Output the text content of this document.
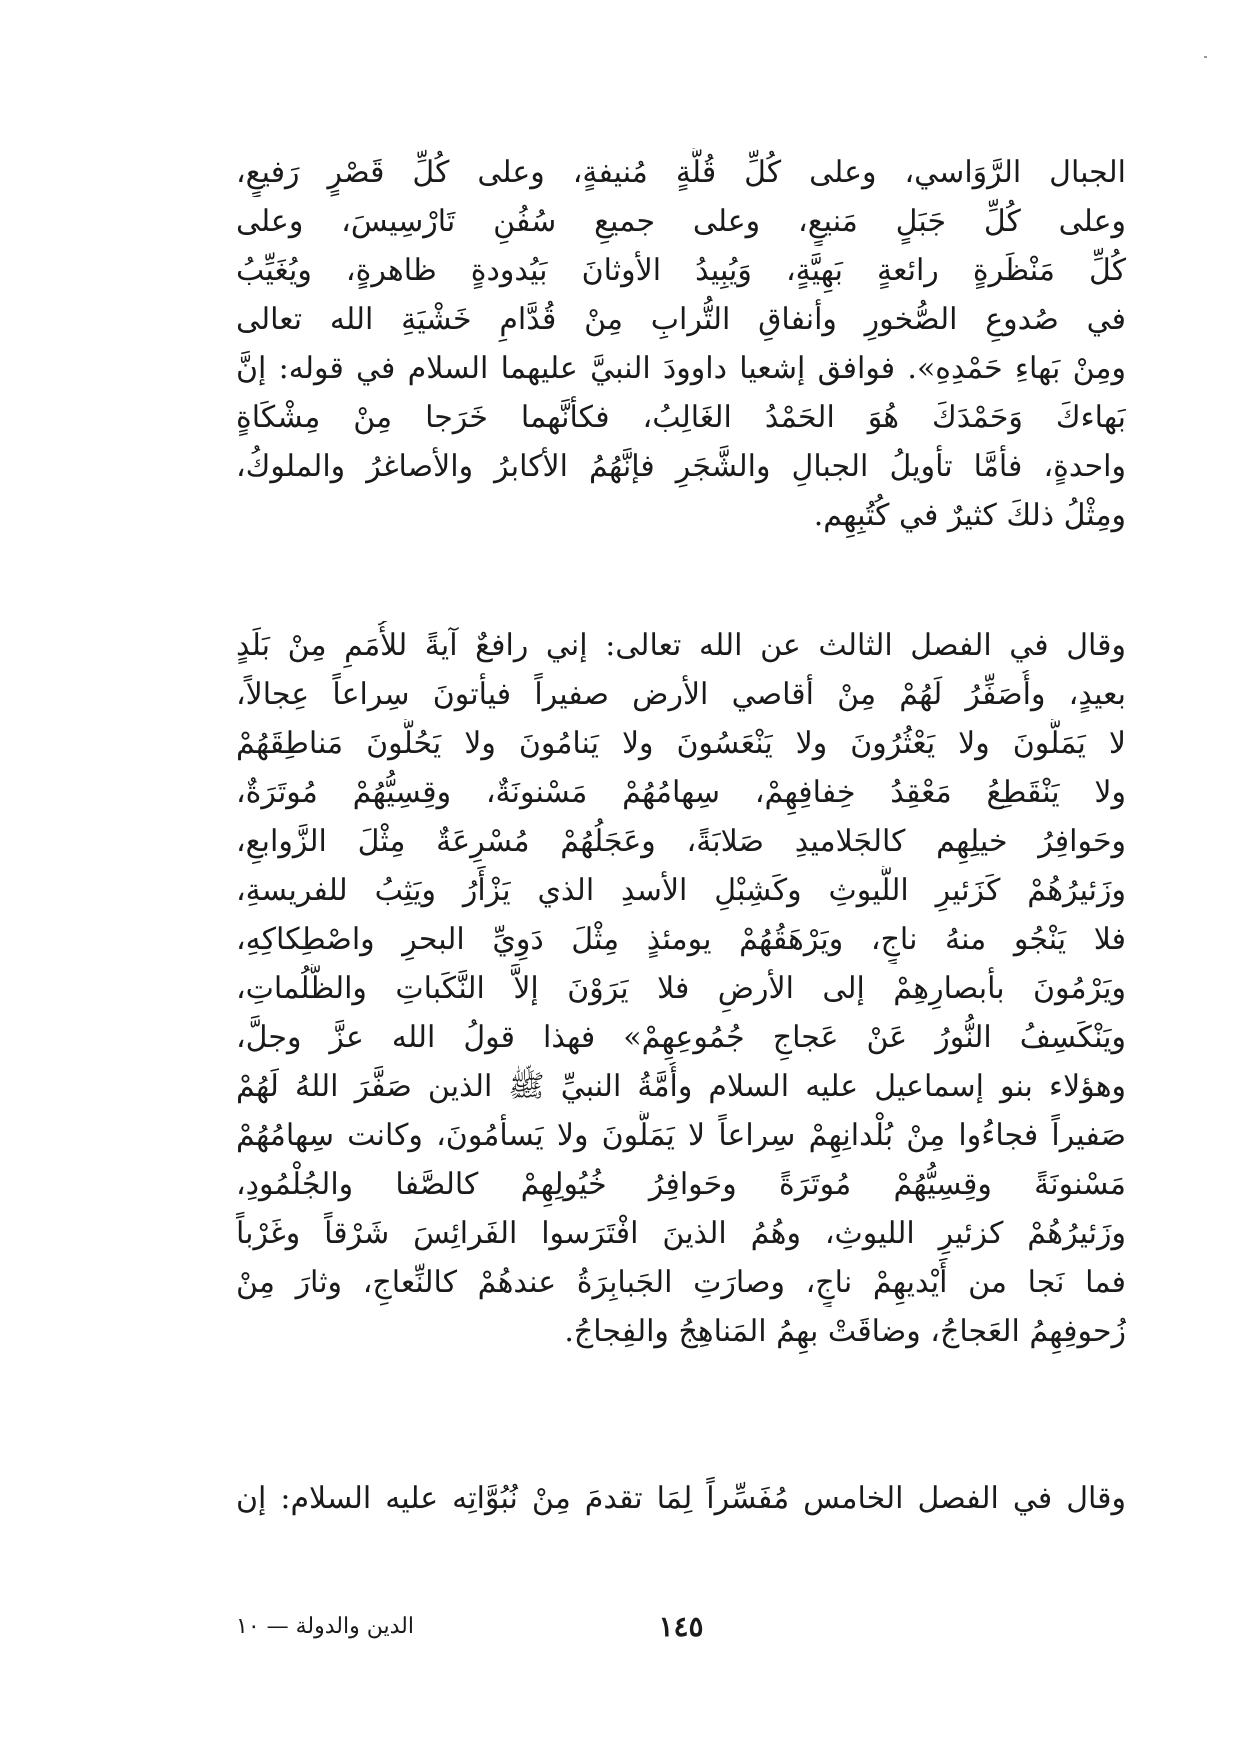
الجبال الرَّوَاسي، وعلى كُلِّ قُلَّةٍ مُنيفةٍ، وعلى كُلِّ قَصْرٍ رَفيعٍ،
وعلى كُلِّ جَبَلٍ مَنيعٍ، وعلى جميعِ سُفُنِ تَارْسِيسَ، وعلى
كُلِّ مَنْظَرةٍ رائعةٍ بَهِيَّةٍ، وَيُبِيدُ الأوثانَ بَيُدودةٍ ظاهرةٍ، ويُغَيِّبُ
في صُدوعِ الصُّخورِ وأنفاقِ التُّرابِ مِنْ قُدَّامِ خَشْيَةِ الله تعالى
ومِنْ بَهاءِ حَمْدِهِ». فوافق إشعيا داوودَ النبيَّ عليهما السلام في قوله: إنَّ
بَهاءكَ وَحَمْدَكَ هُوَ الحَمْدُ الغَالِبُ، فكأنَّهما خَرَجا مِنْ مِشْكَاةٍ
واحدةٍ، فأمَّا تأويلُ الجبالِ والشَّجَرِ فإنَّهُمُ الأكابرُ والأصاغرُ والملوكُ،
ومِثْلُ ذلكَ كثيرٌ في كُتُبِهِم.
وقال في الفصل الثالث عن الله تعالى: إني رافعٌ آيةً للأُمَمِ مِنْ بَلَدٍ
بعيدٍ، وأُصَفِّرُ لَهُمْ مِنْ أقاصي الأرض صفيراً فيأتونَ سِراعاً عِجالاً،
لا يَمَلُّونَ ولا يَعْثُرُونَ ولا يَنْعَسُونَ ولا يَنامُونَ ولا يَحُلُّونَ مَناطِقَهُمْ
ولا يَنْقَطِعُ مَعْقِدُ خِفافِهِمْ، سِهامُهُمْ مَسْنونَةٌ، وقِسِيُّهُمْ مُوتَرَةٌ،
وحَوافِرُ خيلِهِم كالجَلاميدِ صَلابَةً، وعَجَلُهُمْ مُسْرِعَةٌ مِثْلَ الزَّوابعِ،
وزَئيرُهُمْ كَزَئيرِ اللُّيوثِ وكَشِبْلِ الأسدِ الذي يَزْأَرُ ويَثِبُ للفريسةِ،
فلا يَنْجُو منهُ ناجٍ، ويَرْهَقُهُمْ يومئذٍ مِثْلَ دَوِيِّ البحرِ واصْطِكاكِهِ،
ويَرْمُونَ بأبصارِهِمْ إلى الأرضِ فلا يَرَوْنَ إلاَّ النَّكَباتِ والظُّلُماتِ،
ويَنْكَسِفُ النُّورُ عَنْ عَجاجِ جُمُوعِهِمْ» فهذا قولُ الله عزَّ وجلَّ،
وهؤلاء بنو إسماعيل عليه السلام وأُمَّةُ النبيِّ ﷺ الذين صَفَّرَ اللهُ لَهُمْ
صَفيراً فجاءُوا مِنْ بُلْدانِهِمْ سِراعاً لا يَمَلُّونَ ولا يَسأمُونَ، وكانت سِهامُهُمْ
مَسْنونَةً وقِسِيُّهُمْ مُوتَرَةً وحَوافِرُ خُيُولِهِمْ كالصَّفا والجُلْمُودِ،
وزَئيرُهُمْ كزئيرِ الليوثِ، وهُمُ الذينَ افْتَرَسوا الفَرائِسَ شَرْقاً وغَرْباً
فما نَجا من أَيْديهِمْ ناجٍ، وصارَتِ الجَبابِرَةُ عندهُمْ كالنِّعاجِ، وثارَ مِنْ
زُحوفِهِمُ العَجاجُ، وضاقَتْ بهِمُ المَناهِجُ والفِجاجُ.
وقال في الفصل الخامس مُفَسِّراً لِمَا تقدمَ مِنْ نُبُوَّاتِه عليه السلام: إن
الدين والدولة — ١٠	١٤٥
